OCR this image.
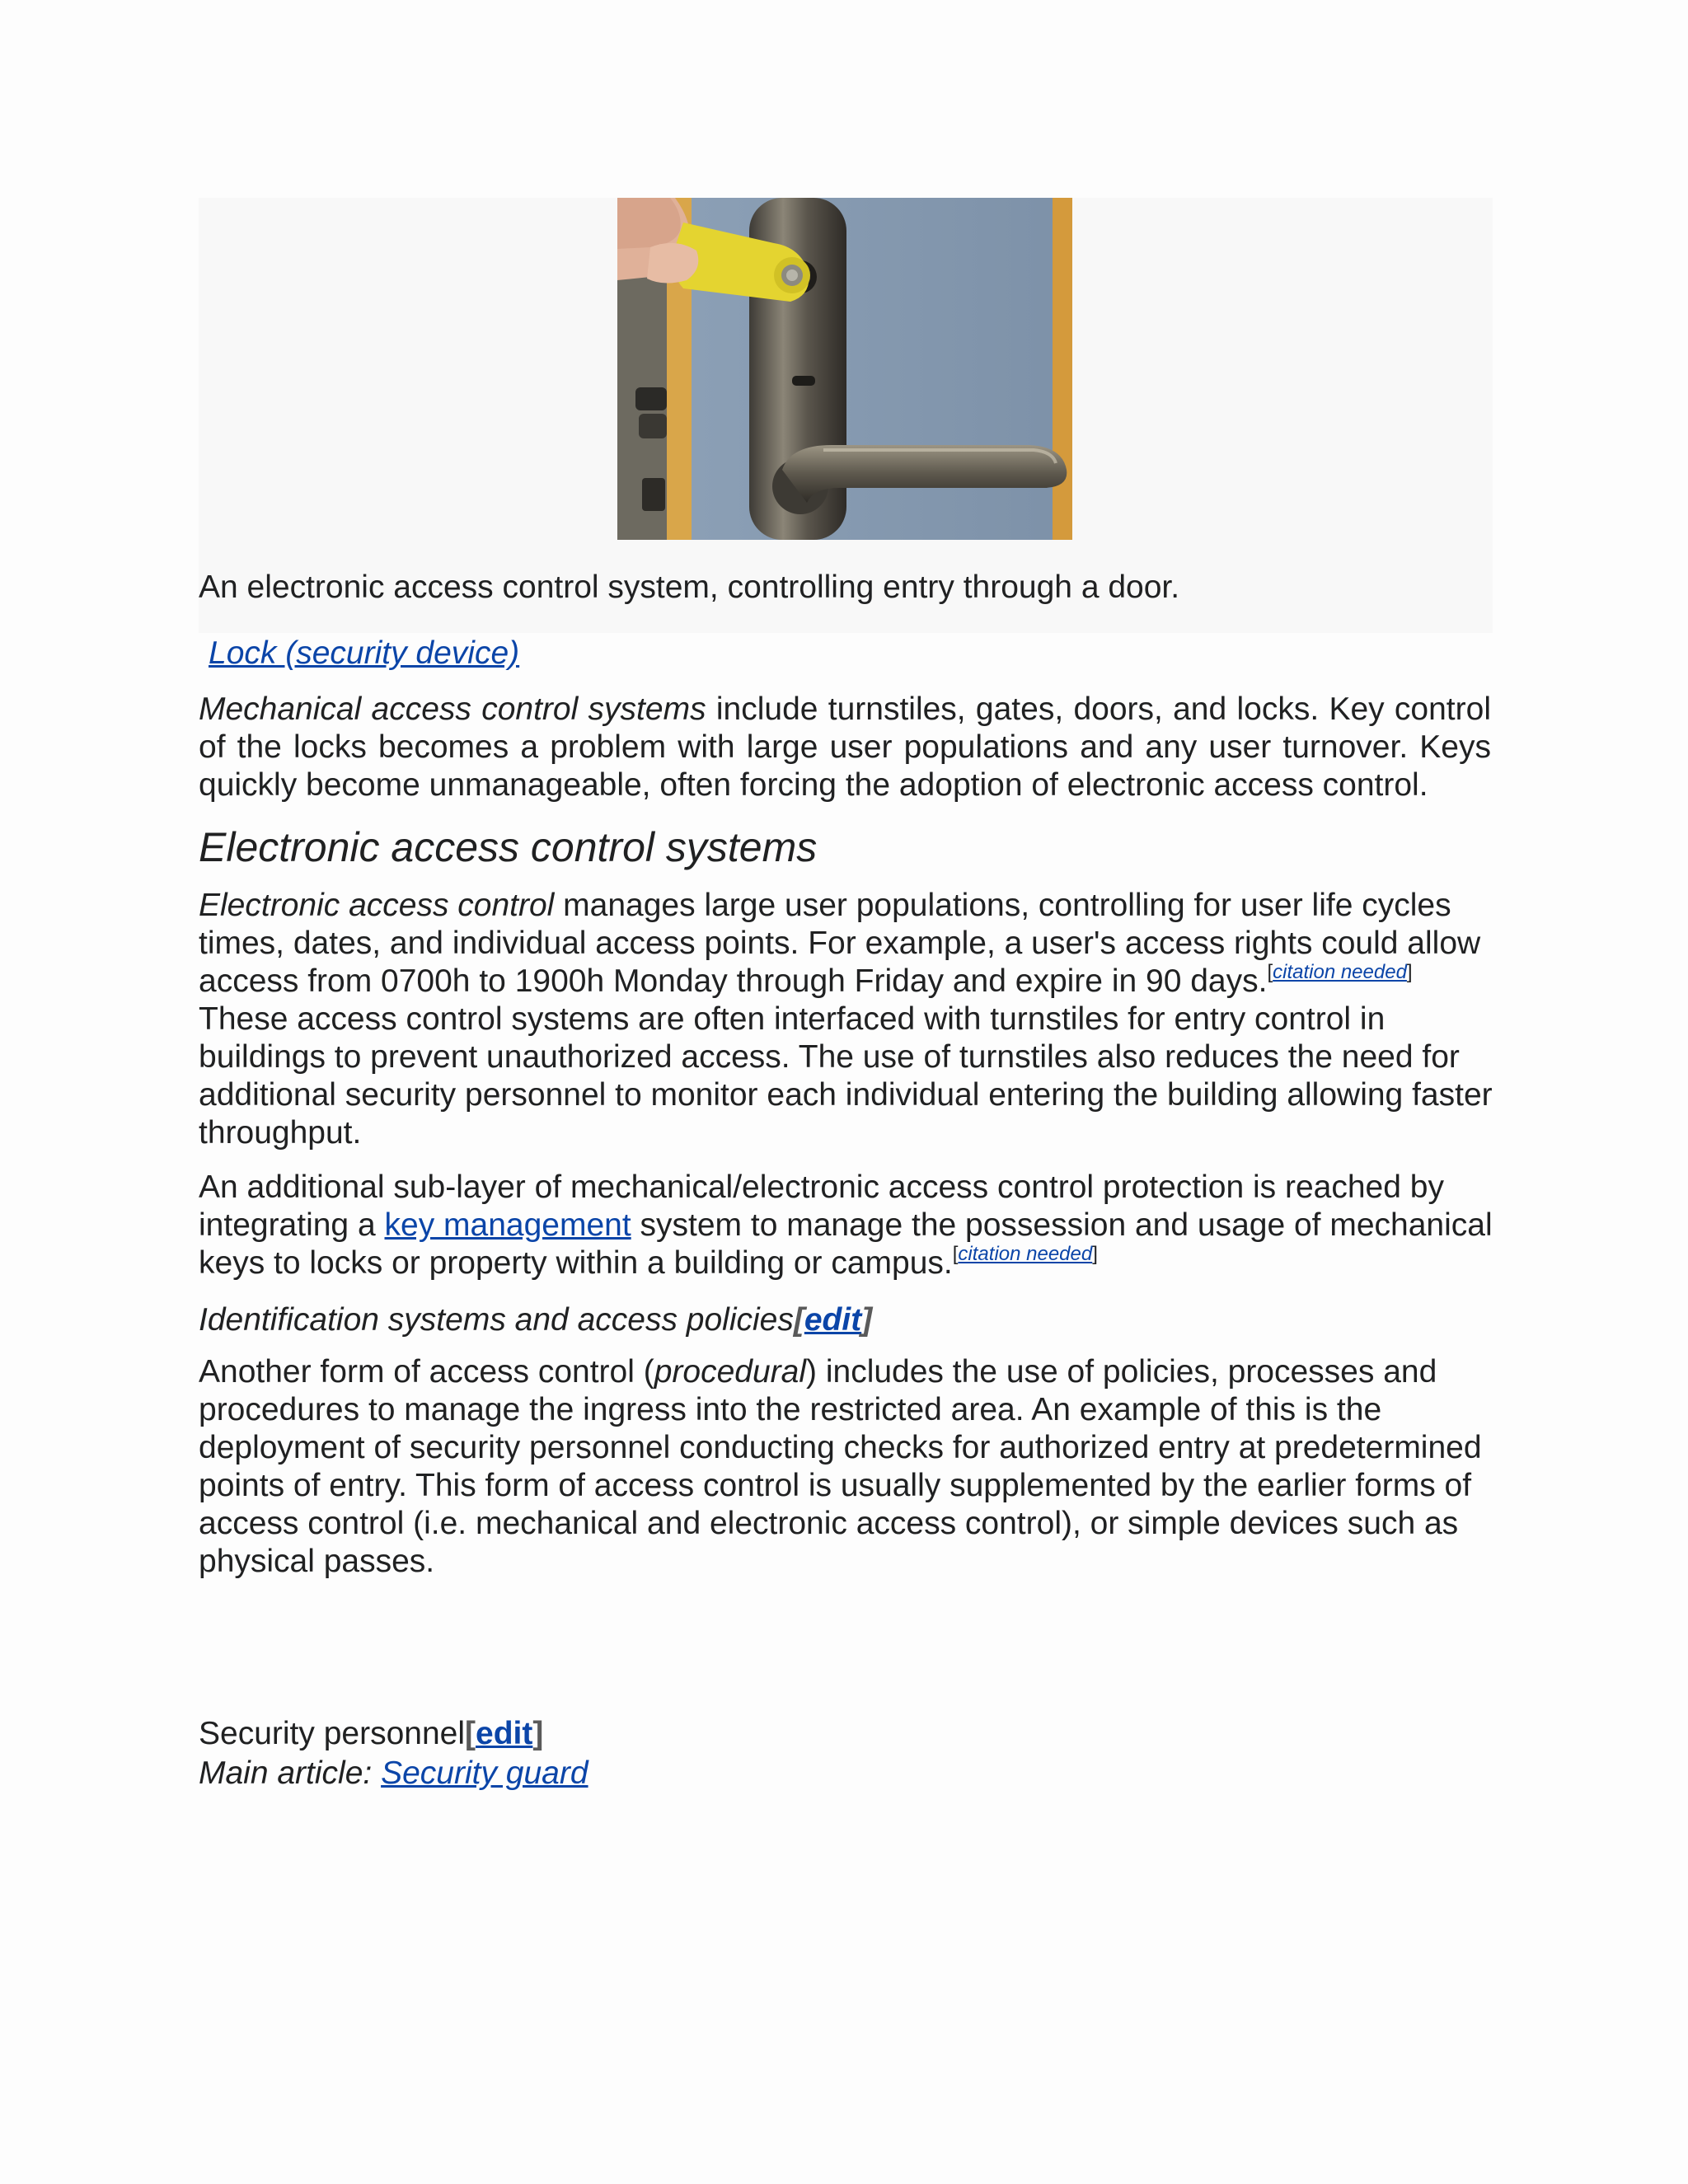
An electronic access control system, controlling entry through a door.
Lock (security device)

Mechanical access control systems include turnstiles, gates, doors, and locks. Key control of the locks becomes a problem with large user populations and any user turnover. Keys quickly become unmanageable, often forcing the adoption of electronic access control.

Electronic access control systems

Electronic access control manages large user populations, controlling for user life cycles times, dates, and individual access points. For example, a user's access rights could allow access from 0700h to 1900h Monday through Friday and expire in 90 days.[citation needed] These access control systems are often interfaced with turnstiles for entry control in buildings to prevent unauthorized access. The use of turnstiles also reduces the need for additional security personnel to monitor each individual entering the building allowing faster throughput.

An additional sub-layer of mechanical/electronic access control protection is reached by integrating a key management system to manage the possession and usage of mechanical keys to locks or property within a building or campus.[citation needed]

Identification systems and access policies[edit]

Another form of access control (procedural) includes the use of policies, processes and procedures to manage the ingress into the restricted area. An example of this is the deployment of security personnel conducting checks for authorized entry at predetermined points of entry. This form of access control is usually supplemented by the earlier forms of access control (i.e. mechanical and electronic access control), or simple devices such as physical passes.

Security personnel[edit]
Main article: Security guard
